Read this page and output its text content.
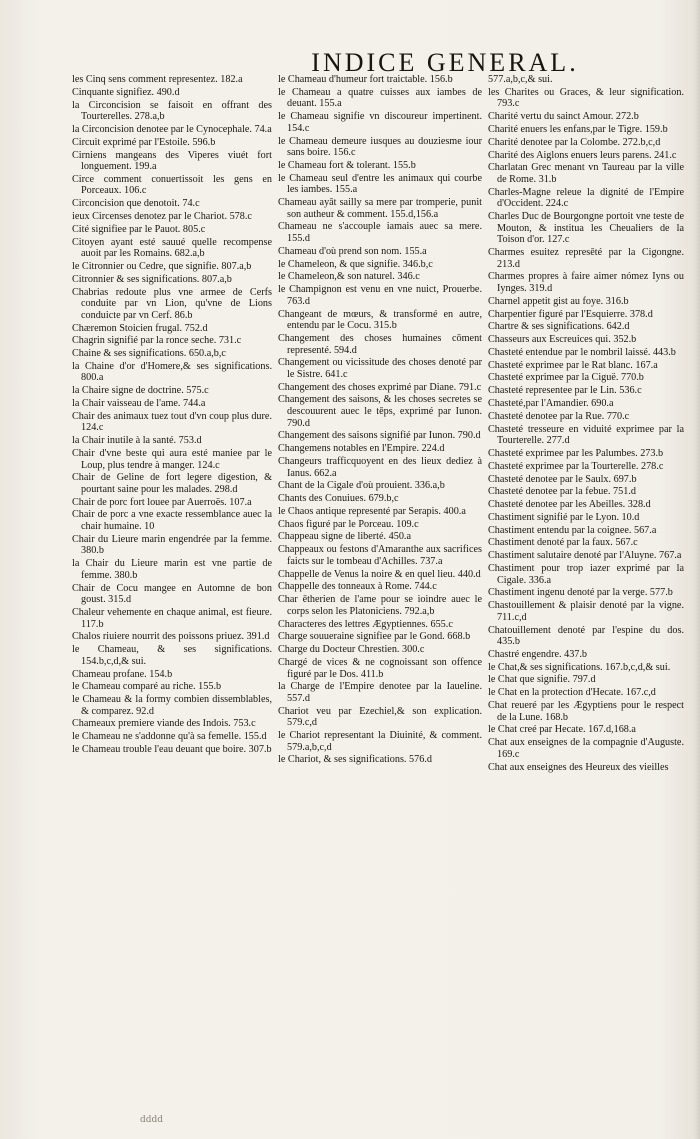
INDICE GENERAL.
les Cinq sens comment representez. 182.a
Cinquante signifiez. 490.d
la Circoncision se faisoit en offrant des Tourterelles. 278.a,b
la Circoncision denotee par le Cynocephale. 74.a
Circuit exprimé par l'Estoile. 596.b
Cirniens mangeans des Viperes viuét fort longuement. 199.a
Circe comment conuertissoit les gens en Porceaux. 106.c
Circoncision que denotoit. 74.c
ieux Circenses denotez par le Chariot. 578.c
Cité signifiee par le Pauot. 805.c
Citoyen ayant esté sauué quelle recompense auoit par les Romains. 682.a,b
le Citronnier ou Cedre, que signifie. 807.a,b
Citronnier & ses significations. 807.a,b
Chabrias redoute plus vne armee de Cerfs conduite par vn Lion, qu'vne de Lions conduicte par vn Cerf. 86.b
Chæremon Stoicien frugal. 752.d
Chagrin signifié par la ronce seche. 731.c
Chaine & ses significations. 650.a,b,c
la Chaine d'or d'Homere,& ses significations. 800.a
la Chaire signe de doctrine. 575.c
la Chair vaisseau de l'ame. 744.a
Chair des animaux tuez tout d'vn coup plus dure. 124.c
la Chair inutile à la santé. 753.d
Chair d'vne beste qui aura esté maniee par le Loup, plus tendre à manger. 124.c
Chair de Geline de fort legere digestion, & pourtant saine pour les malades. 298.d
Chair de porc fort louee par Auerroës. 107.a
Chair de porc a vne exacte ressemblance auec la chair humaine. 10
Chair du Lieure marin engendrée par la femme. 380.b
la Chair du Lieure marin est vne partie de femme. 380.b
Chair de Cocu mangee en Automne de bon goust. 315.d
Chaleur vehemente en chaque animal, est fieure. 117.b
Chalos riuiere nourrit des poissons priuez. 391.d
le Chameau, & ses significations. 154.b,c,d,& sui.
Chameau profane. 154.b
le Chameau comparé au riche. 155.b
le Chameau & la formy combien dissemblables, & comparez. 92.d
Chameaux premiere viande des Indois. 753.c
le Chameau ne s'addonne qu'à sa femelle. 155.d
le Chameau trouble l'eau deuant que boire. 307.b
le Chameau d'humeur fort traictable. 156.b
le Chameau a quatre cuisses aux iambes de deuant. 155.a
le Chameau signifie vn discoureur impertinent. 154.c
le Chameau demeure iusques au douziesme iour sans boire. 156.c
le Chameau fort & tolerant. 155.b
le Chameau seul d'entre les animaux qui courbe les iambes. 155.a
Chameau ayāt sailly sa mere par tromperie, punit son autheur & comment. 155.d,156.a
Chameau ne s'accouple iamais auec sa mere. 155.d
Chameau d'où prend son nom. 155.a
le Chameleon, & que signifie. 346.b,c
le Chameleon,& son naturel. 346.c
le Champignon est venu en vne nuict, Prouerbe. 763.d
Changeant de mœurs, & transformé en autre, entendu par le Cocu. 315.b
Changement des choses humaines cōment representé. 594.d
Changement ou vicissitude des choses denoté par le Sistre. 641.c
Changement des choses exprimé par Diane. 791.c
Changement des saisons, & les choses secretes se descouurent auec le tēps, exprimé par Iunon. 790.d
Changement des saisons signifié par Iunon. 790.d
Changemens notables en l'Empire. 224.d
Changeurs trafficquoyent en des lieux dediez à Ianus. 662.a
Chant de la Cigale d'où prouient. 336.a,b
Chants des Conuiues. 679.b,c
le Chaos antique representé par Serapis. 400.a
Chaos figuré par le Porceau. 109.c
Chappeau signe de liberté. 450.a
Chappeaux ou festons d'Amaranthe aux sacrifices faicts sur le tombeau d'Achilles. 737.a
Chappelle de Venus la noire & en quel lieu. 440.d
Chappelle des tonneaux à Rome. 744.c
Char ētherien de l'ame pour se ioindre auec le corps selon les Platoniciens. 792.a,b
Characteres des lettres Ægyptiennes. 655.c
Charge souueraine signifiee par le Gond. 668.b
Charge du Docteur Chrestien. 300.c
Chargé de vices & ne cognoissant son offence figuré par le Dos. 411.b
la Charge de l'Empire denotee par la Iaueline. 557.d
Chariot veu par Ezechiel,& son explication. 579.c,d
le Chariot representant la Diuinité, & comment. 579.a,b,c,d
le Chariot, & ses significations. 576.d
577.a,b,c,& sui.
les Charites ou Graces, & leur signification. 793.c
Charité vertu du sainct Amour. 272.b
Charité enuers les enfans,par le Tigre. 159.b
Charité denotee par la Colombe. 272.b,c,d
Charité des Aiglons enuers leurs parens. 241.c
Charlatan Grec menant vn Taureau par la ville de Rome. 31.b
Charles-Magne releue la dignité de l'Empire d'Occident. 224.c
Charles Duc de Bourgongne portoit vne teste de Mouton, & institua les Cheualiers de la Toison d'or. 127.c
Charmes esuitez represēté par la Cigongne. 213.d
Charmes propres à faire aimer nómez Iyns ou Iynges. 319.d
Charnel appetit gist au foye. 316.b
Charpentier figuré par l'Esquierre. 378.d
Chartre & ses significations. 642.d
Chasseurs aux Escreuices qui. 352.b
Chasteté entendue par le nombril laissé. 443.b
Chasteté exprimee par le Rat blanc. 167.a
Chasteté exprimee par la Ciguë. 770.b
Chasteté representee par le Lin. 536.c
Chasteté,par l'Amandier. 690.a
Chasteté denotee par la Rue. 770.c
Chasteté tresseure en viduité exprimee par la Tourterelle. 277.d
Chasteté exprimee par les Palumbes. 273.b
Chasteté exprimee par la Tourterelle. 278.c
Chasteté denotee par le Saulx. 697.b
Chasteté denotee par la febue. 751.d
Chasteté denotee par les Abeilles. 328.d
Chastiment signifié par le Lyon. 10.d
Chastiment entendu par la coignee. 567.a
Chastiment denoté par la faux. 567.c
Chastiment salutaire denoté par l'Aluyne. 767.a
Chastiment pour trop iazer exprimé par la Cigale. 336.a
Chastiment ingenu denoté par la verge. 577.b
Chastouillement & plaisir denoté par la vigne. 711.c,d
Chatouillement denoté par l'espine du dos. 435.b
Chastré engendre. 437.b
le Chat,& ses significations. 167.b,c,d,& sui.
le Chat que signifie. 797.d
le Chat en la protection d'Hecate. 167.c,d
Chat reueré par les Ægyptiens pour le respect de la Lune. 168.b
le Chat creé par Hecate. 167.d,168.a
Chat aux enseignes de la compagnie d'Auguste. 169.c
Chat aux enseignes des Heureux des vieilles
dddd
